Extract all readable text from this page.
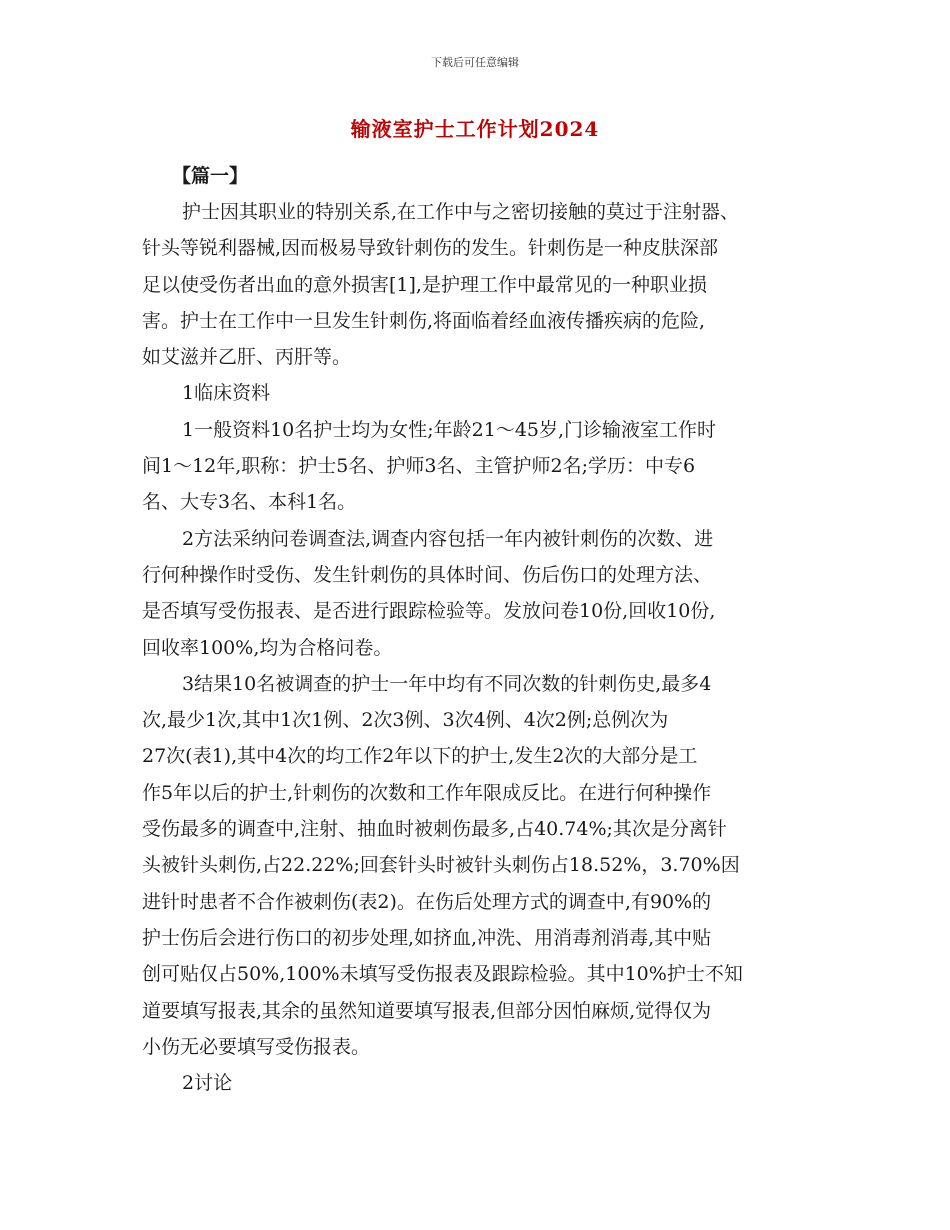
下载后可任意编辑
输液室护士工作计划2024
【篇一】
护士因其职业的特别关系,在工作中与之密切接触的莫过于注射器、
针头等锐利器械,因而极易导致针刺伤的发生。针刺伤是一种皮肤深部
足以使受伤者出血的意外损害[1],是护理工作中最常见的一种职业损
害。护士在工作中一旦发生针刺伤,将面临着经血液传播疾病的危险,
如艾滋并乙肝、丙肝等。
1临床资料
1一般资料10名护士均为女性;年龄21～45岁,门诊输液室工作时
间1～12年,职称：护士5名、护师3名、主管护师2名;学历：中专6
名、大专3名、本科1名。
2方法采纳问卷调查法,调查内容包括一年内被针刺伤的次数、进
行何种操作时受伤、发生针刺伤的具体时间、伤后伤口的处理方法、
是否填写受伤报表、是否进行跟踪检验等。发放问卷10份,回收10份,
回收率100%,均为合格问卷。
3结果10名被调查的护士一年中均有不同次数的针刺伤史,最多4
次,最少1次,其中1次1例、2次3例、3次4例、4次2例;总例次为
27次(表1),其中4次的均工作2年以下的护士,发生2次的大部分是工
作5年以后的护士,针刺伤的次数和工作年限成反比。在进行何种操作
受伤最多的调查中,注射、抽血时被刺伤最多,占40.74%;其次是分离针
头被针头刺伤,占22.22%;回套针头时被针头刺伤占18.52%，3.70%因
进针时患者不合作被刺伤(表2)。在伤后处理方式的调查中,有90%的
护士伤后会进行伤口的初步处理,如挤血,冲洗、用消毒剂消毒,其中贴
创可贴仅占50%,100%未填写受伤报表及跟踪检验。其中10%护士不知
道要填写报表,其余的虽然知道要填写报表,但部分因怕麻烦,觉得仅为
小伤无必要填写受伤报表。
2讨论
